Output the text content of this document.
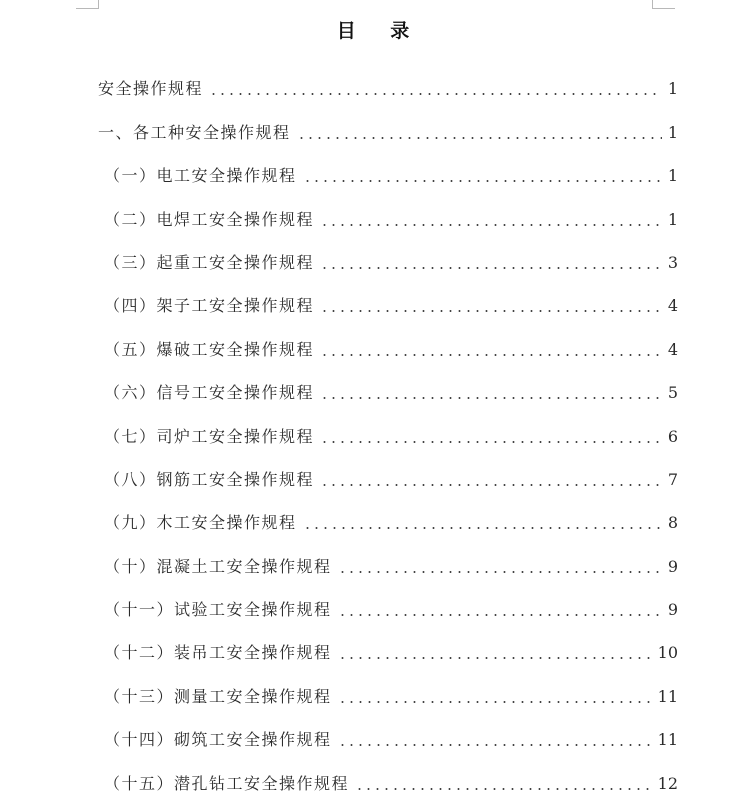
目 录
安全操作规程	1
一、各工种安全操作规程	1
（一）电工安全操作规程	1
（二）电焊工安全操作规程	1
（三）起重工安全操作规程	3
（四）架子工安全操作规程	4
（五）爆破工安全操作规程	4
（六）信号工安全操作规程	5
（七）司炉工安全操作规程	6
（八）钢筋工安全操作规程	7
（九）木工安全操作规程	8
（十）混凝土工安全操作规程	9
（十一）试验工安全操作规程	9
（十二）装吊工安全操作规程	10
（十三）测量工安全操作规程	11
（十四）砌筑工安全操作规程	11
（十五）潜孔钻工安全操作规程	12
